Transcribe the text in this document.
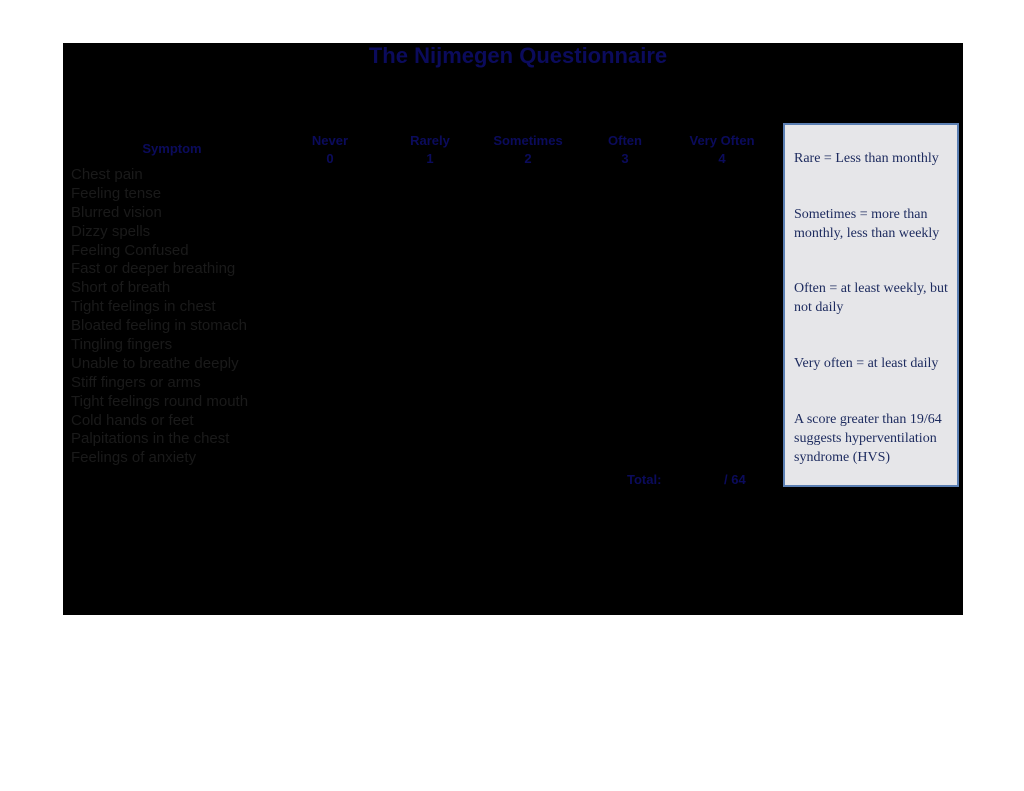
The Nijmegen Questionnaire
Symptom
Never
0
Rarely
1
Sometimes
2
Often
3
Very Often
4
Chest pain
Feeling tense
Blurred vision
Dizzy spells
Feeling Confused
Fast or deeper breathing
Short of breath
Tight feelings in chest
Bloated feeling in stomach
Tingling fingers
Unable to breathe deeply
Stiff fingers or arms
Tight feelings round mouth
Cold hands or feet
Palpitations in the chest
Feelings of anxiety
Total:	/ 64

Rare = Less than monthly

Sometimes = more than monthly, less than weekly

Often = at least weekly, but not daily

Very often = at least daily

A score greater than 19/64 suggests hyperventilation syndrome (HVS)
